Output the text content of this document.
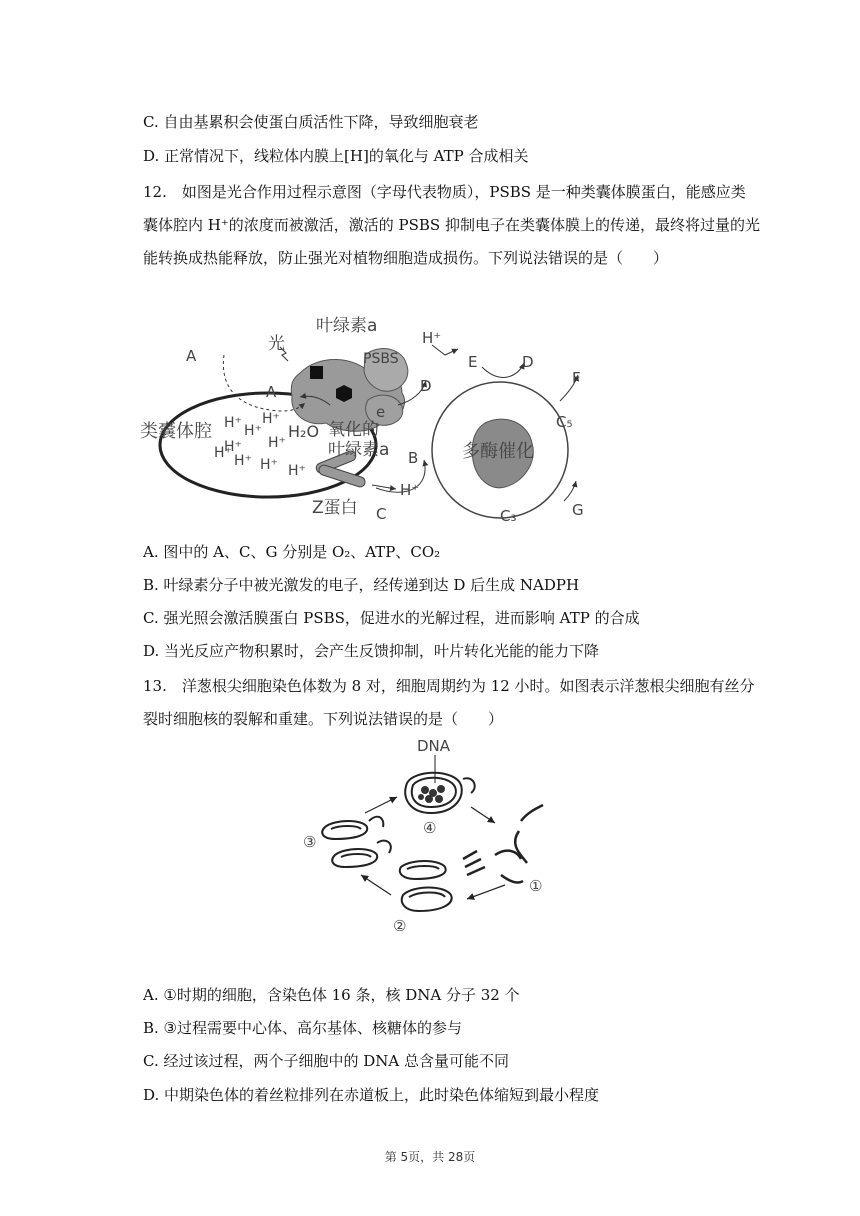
C. 自由基累积会使蛋白质活性下降，导致细胞衰老
D. 正常情况下，线粒体内膜上[H]的氧化与 ATP 合成相关
12.　如图是光合作用过程示意图（字母代表物质），PSBS 是一种类囊体膜蛋白，能感应类
囊体腔内 H⁺的浓度而被激活，激活的 PSBS 抑制电子在类囊体膜上的传递，最终将过量的光
能转换成热能释放，防止强光对植物细胞造成损伤。下列说法错误的是（　　）
叶绿素a
光
PSBS
A
A
e
D
H⁺
E	D
F
C₅
多酶催化
B
H⁺
G
C₃
C
Z蛋白
类囊体腔	H₂O 氧化的
叶绿素a
H⁺ H⁺
H⁺
H⁺ H⁺
H⁺ H⁺ H⁺ H⁺
A. 图中的 A、C、G 分别是 O₂、ATP、CO₂
B. 叶绿素分子中被光激发的电子，经传递到达 D 后生成 NADPH
C. 强光照会激活膜蛋白 PSBS，促进水的光解过程，进而影响 ATP 的合成
D. 当光反应产物积累时，会产生反馈抑制，叶片转化光能的能力下降
13.　洋葱根尖细胞染色体数为 8 对，细胞周期约为 12 小时。如图表示洋葱根尖细胞有丝分
裂时细胞核的裂解和重建。下列说法错误的是（　　）
DNA
④
③
①
②
A. ①时期的细胞，含染色体 16 条，核 DNA 分子 32 个
B. ③过程需要中心体、高尔基体、核糖体的参与
C. 经过该过程，两个子细胞中的 DNA 总含量可能不同
D. 中期染色体的着丝粒排列在赤道板上，此时染色体缩短到最小程度
第 5页，共 28页
